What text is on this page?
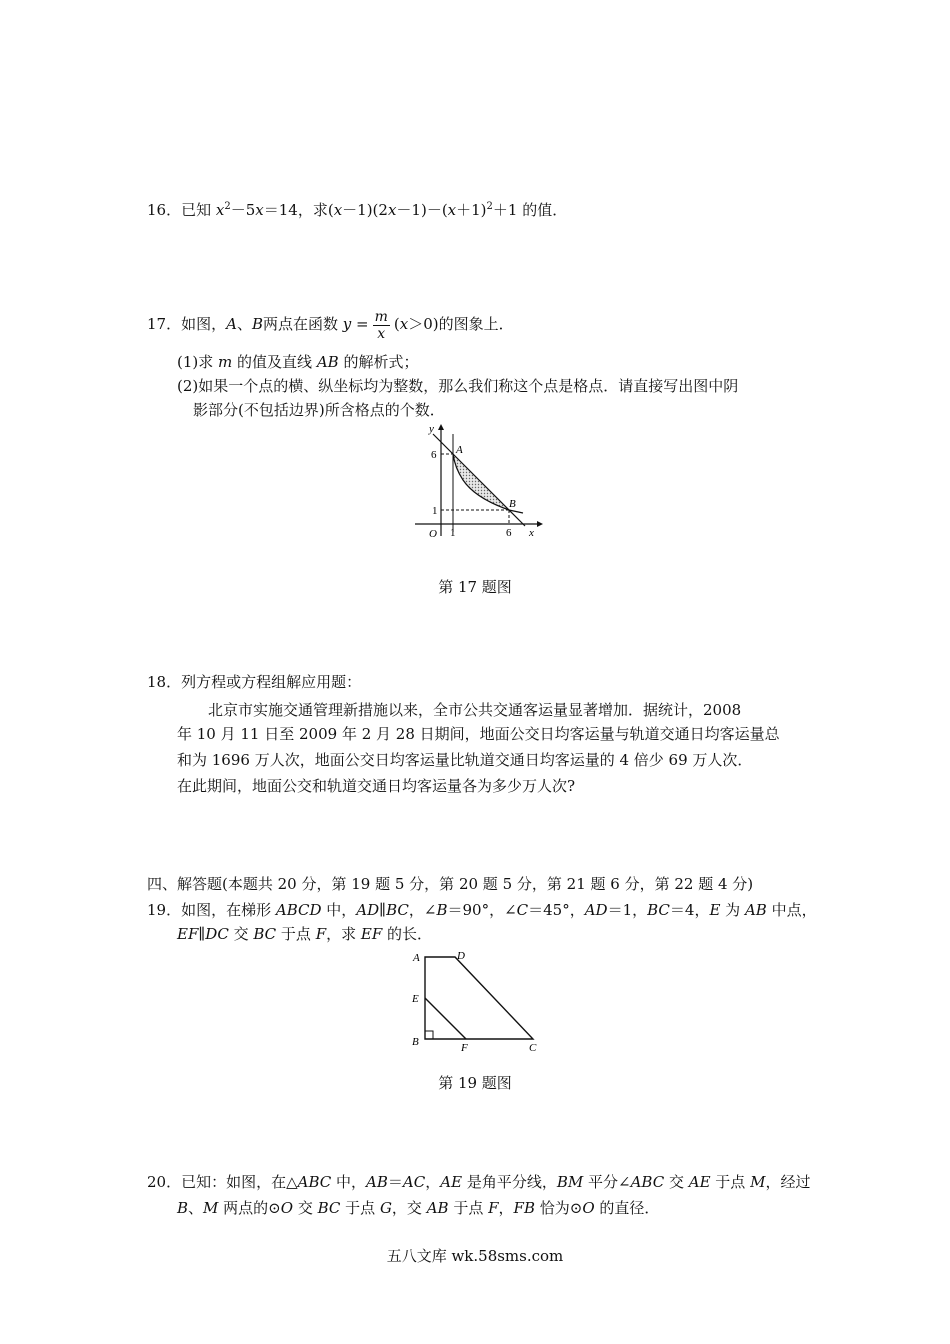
16．已知 $x^2-5x=14$，求$(x-1)(2x-1)-(x+1)^2+1$ 的值．
17．如图，A、B两点在函数 $y = \frac{m}{x} (x>0)$的图象上．
(1)求 m 的值及直线 AB 的解析式；
(2)如果一个点的横、纵坐标均为整数，那么我们称这个点是格点．请直接写出图中阴
影部分(不包括边界)所含格点的个数．
y
x
O
6
1
1	6
A
B
第 17 题图
18．列方程或方程组解应用题：
北京市实施交通管理新措施以来，全市公共交通客运量显著增加．据统计，2008
年 10 月 11 日至 2009 年 2 月 28 日期间，地面公交日均客运量与轨道交通日均客运量总
和为 1696 万人次，地面公交日均客运量比轨道交通日均客运量的 4 倍少 69 万人次．
在此期间，地面公交和轨道交通日均客运量各为多少万人次?
四、解答题(本题共 20 分，第 19 题 5 分，第 20 题 5 分，第 21 题 6 分，第 22 题 4 分)
19．如图，在梯形 ABCD 中，AD∥BC，∠B＝90°，∠C＝45°，AD＝1，BC＝4，E 为 AB 中点，
EF∥DC 交 BC 于点 F，求 EF 的长．
A	D
E
B	F	C
第 19 题图
20．已知：如图，在△ABC 中，AB＝AC，AE 是角平分线，BM 平分∠ABC 交 AE 于点 M，经过
B、M 两点的⊙O 交 BC 于点 G，交 AB 于点 F，FB 恰为⊙O 的直径．
五八文库 wk.58sms.com
